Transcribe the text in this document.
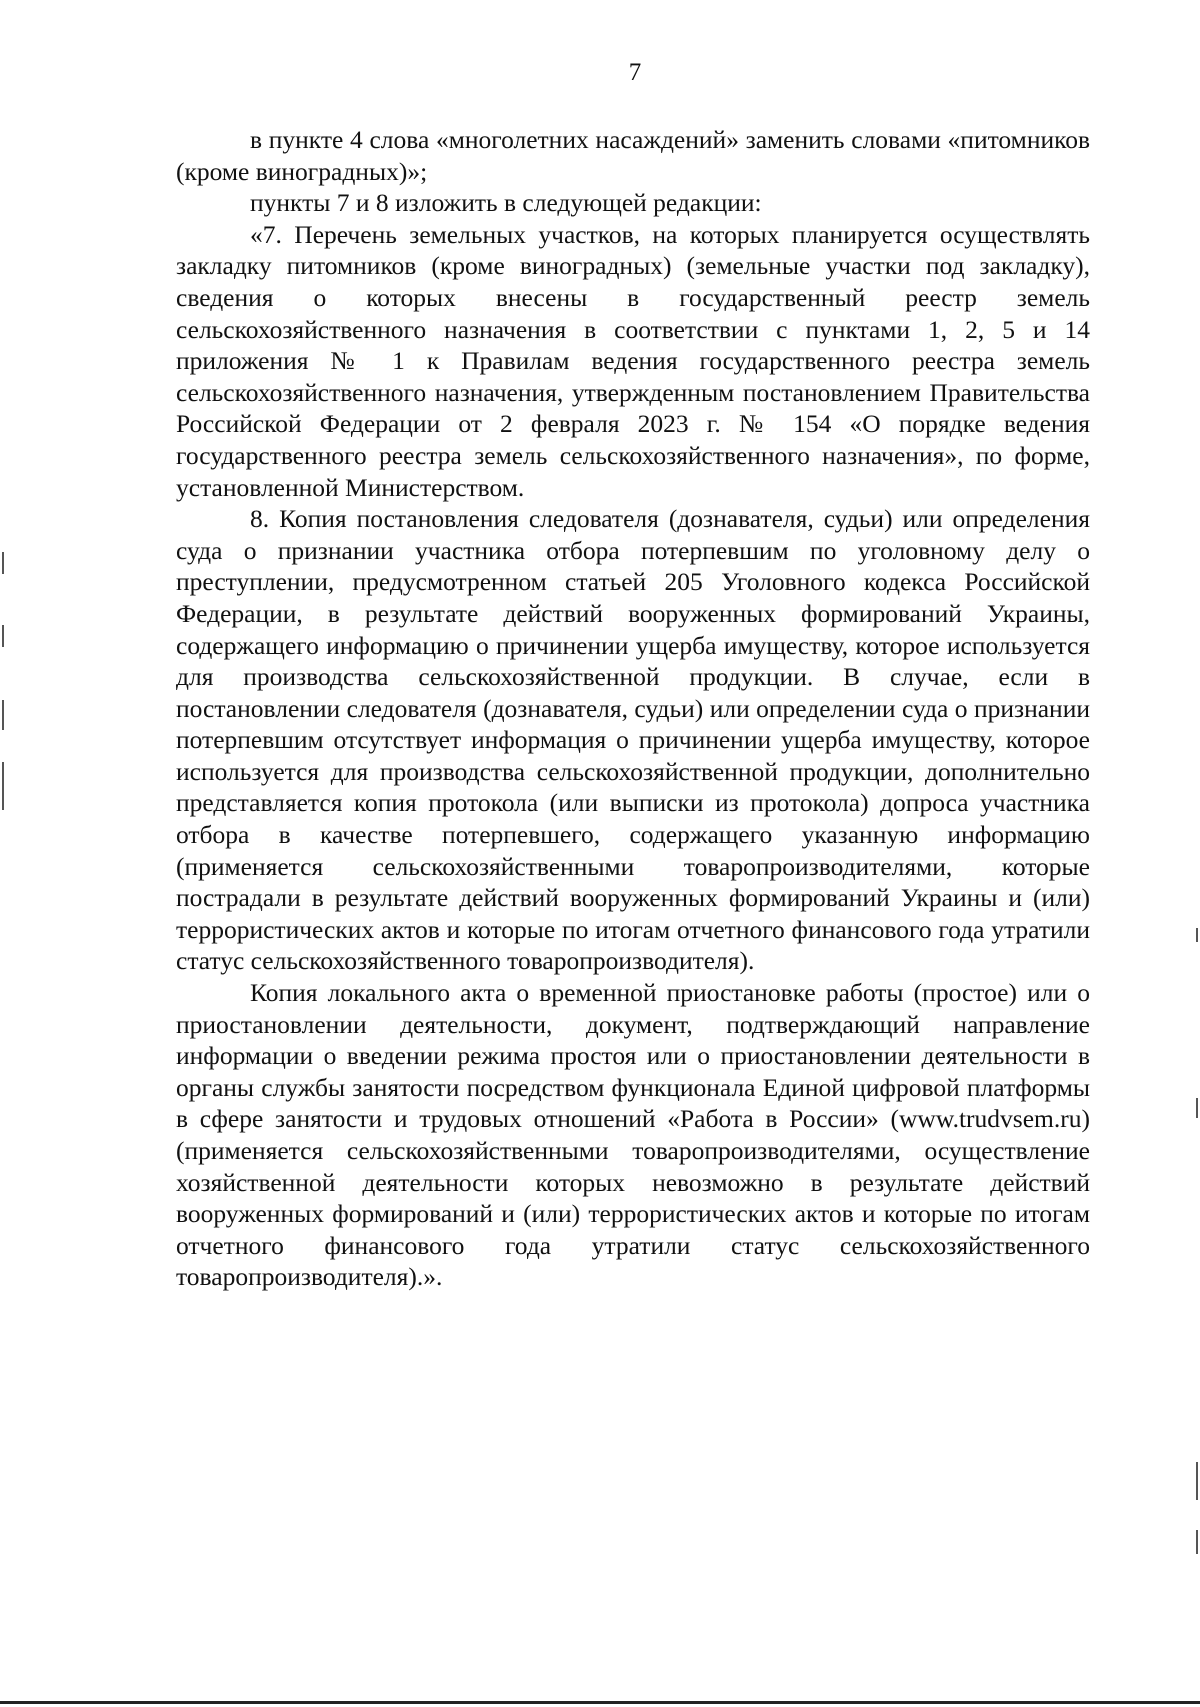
7

в пункте 4 слова «многолетних насаждений» заменить словами «питомников (кроме виноградных)»;

пункты 7 и 8 изложить в следующей редакции:

«7. Перечень земельных участков, на которых планируется осуществлять закладку питомников (кроме виноградных) (земельные участки под закладку), сведения о которых внесены в государственный реестр земель сельскохозяйственного назначения в соответствии с пунктами 1, 2, 5 и 14 приложения № 1 к Правилам ведения государственного реестра земель сельскохозяйственного назначения, утвержденным постановлением Правительства Российской Федерации от 2 февраля 2023 г. № 154 «О порядке ведения государственного реестра земель сельскохозяйственного назначения», по форме, установленной Министерством.

8. Копия постановления следователя (дознавателя, судьи) или определения суда о признании участника отбора потерпевшим по уголовному делу о преступлении, предусмотренном статьей 205 Уголовного кодекса Российской Федерации, в результате действий вооруженных формирований Украины, содержащего информацию о причинении ущерба имуществу, которое используется для производства сельскохозяйственной продукции. В случае, если в постановлении следователя (дознавателя, судьи) или определении суда о признании потерпевшим отсутствует информация о причинении ущерба имуществу, которое используется для производства сельскохозяйственной продукции, дополнительно представляется копия протокола (или выписки из протокола) допроса участника отбора в качестве потерпевшего, содержащего указанную информацию (применяется сельскохозяйственными товаропроизводителями, которые пострадали в результате действий вооруженных формирований Украины и (или) террористических актов и которые по итогам отчетного финансового года утратили статус сельскохозяйственного товаропроизводителя).

Копия локального акта о временной приостановке работы (простое) или о приостановлении деятельности, документ, подтверждающий направление информации о введении режима простоя или о приостановлении деятельности в органы службы занятости посредством функционала Единой цифровой платформы в сфере занятости и трудовых отношений «Работа в России» (www.trudvsem.ru) (применяется сельскохозяйственными товаропроизводителями, осуществление хозяйственной деятельности которых невозможно в результате действий вооруженных формирований и (или) террористических актов и которые по итогам отчетного финансового года утратили статус сельскохозяйственного товаропроизводителя).».
